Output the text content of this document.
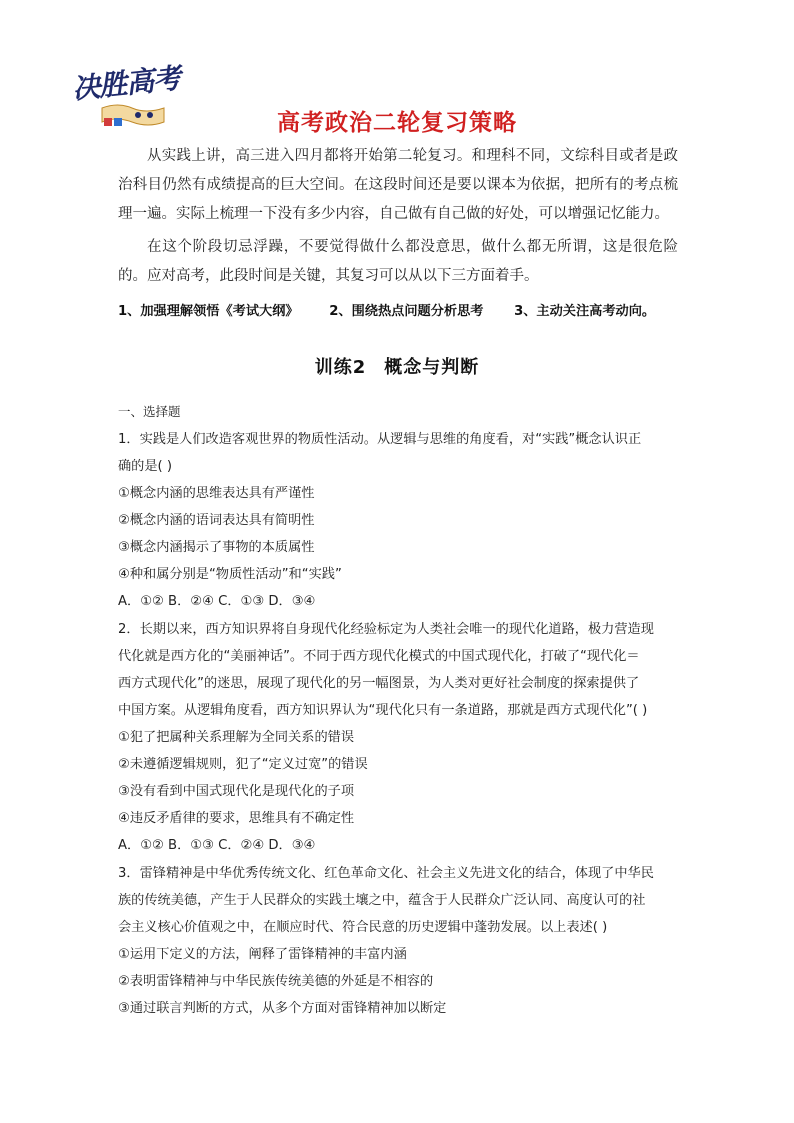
决胜高考
高考政治二轮复习策略

从实践上讲，高三进入四月都将开始第二轮复习。和理科不同，文综科目或者是政治科目仍然有成绩提高的巨大空间。在这段时间还是要以课本为依据，把所有的考点梳理一遍。实际上梳理一下没有多少内容，自己做有自己做的好处，可以增强记忆能力。

在这个阶段切忌浮躁，不要觉得做什么都没意思，做什么都无所谓，这是很危险的。应对高考，此段时间是关键，其复习可以从以下三方面着手。

1、加强理解领悟《考试大纲》 2、围绕热点问题分析思考 3、主动关注高考动向。
训练2 概念与判断
一、选择题
1．实践是人们改造客观世界的物质性活动。从逻辑与思维的角度看，对“实践”概念认识正
确的是( )
①概念内涵的思维表达具有严谨性
②概念内涵的语词表达具有简明性
③概念内涵揭示了事物的本质属性
④种和属分别是“物质性活动”和“实践”
A．①② B．②④ C．①③ D．③④
2．长期以来，西方知识界将自身现代化经验标定为人类社会唯一的现代化道路，极力营造现
代化就是西方化的“美丽神话”。不同于西方现代化模式的中国式现代化，打破了“现代化＝
西方式现代化”的迷思，展现了现代化的另一幅图景，为人类对更好社会制度的探索提供了
中国方案。从逻辑角度看，西方知识界认为“现代化只有一条道路，那就是西方式现代化”( )
①犯了把属种关系理解为全同关系的错误
②未遵循逻辑规则，犯了“定义过宽”的错误
③没有看到中国式现代化是现代化的子项
④违反矛盾律的要求，思维具有不确定性
A．①② B．①③ C．②④ D．③④
3．雷锋精神是中华优秀传统文化、红色革命文化、社会主义先进文化的结合，体现了中华民
族的传统美德，产生于人民群众的实践土壤之中，蕴含于人民群众广泛认同、高度认可的社
会主义核心价值观之中，在顺应时代、符合民意的历史逻辑中蓬勃发展。以上表述( )
①运用下定义的方法，阐释了雷锋精神的丰富内涵
②表明雷锋精神与中华民族传统美德的外延是不相容的
③通过联言判断的方式，从多个方面对雷锋精神加以断定
